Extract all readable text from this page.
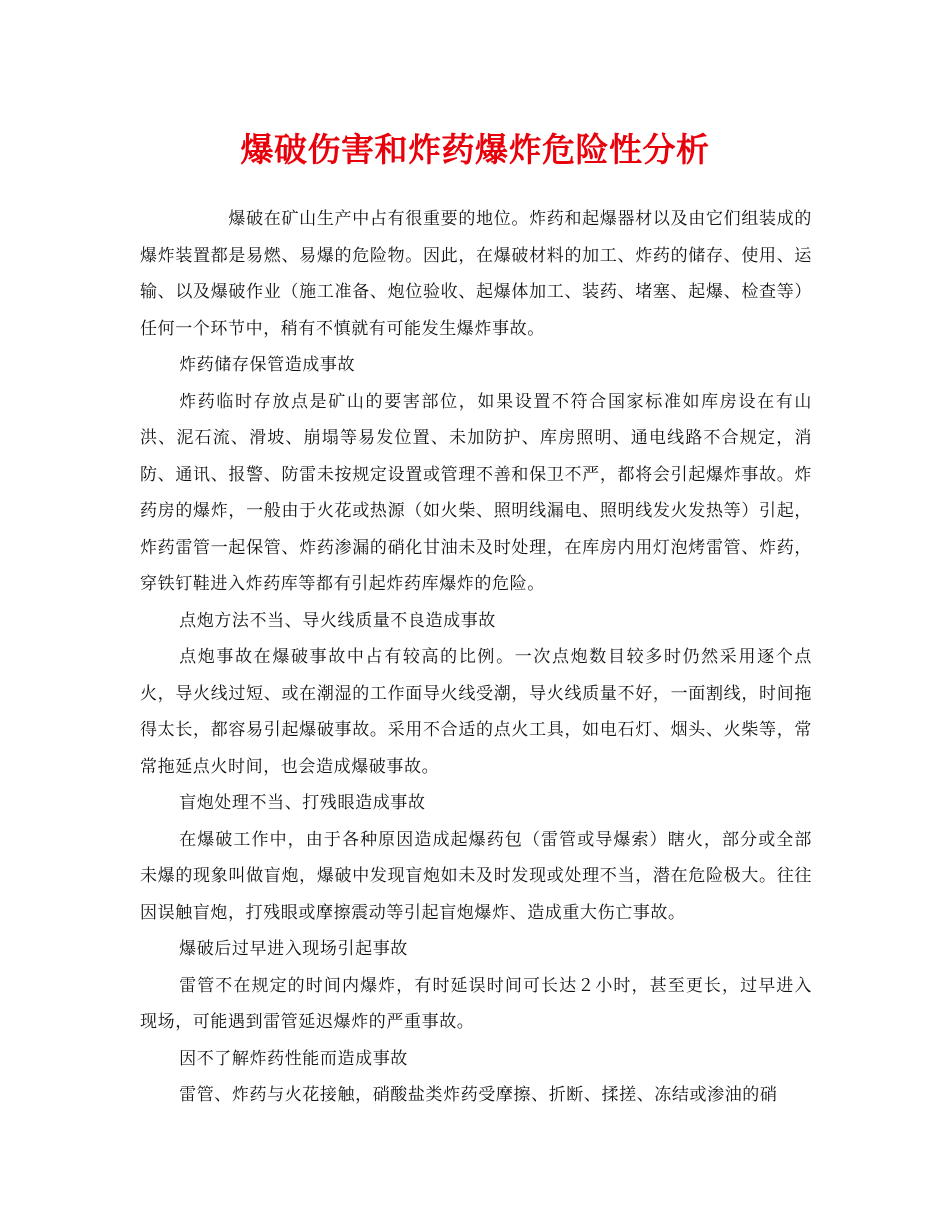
爆破伤害和炸药爆炸危险性分析

爆破在矿山生产中占有很重要的地位。炸药和起爆器材以及由它们组装成的爆炸装置都是易燃、易爆的危险物。因此，在爆破材料的加工、炸药的储存、使用、运输、以及爆破作业（施工准备、炮位验收、起爆体加工、装药、堵塞、起爆、检查等）任何一个环节中，稍有不慎就有可能发生爆炸事故。

炸药储存保管造成事故

炸药临时存放点是矿山的要害部位，如果设置不符合国家标准如库房设在有山洪、泥石流、滑坡、崩塌等易发位置、未加防护、库房照明、通电线路不合规定，消防、通讯、报警、防雷未按规定设置或管理不善和保卫不严，都将会引起爆炸事故。炸药房的爆炸，一般由于火花或热源（如火柴、照明线漏电、照明线发火发热等）引起，炸药雷管一起保管、炸药渗漏的硝化甘油未及时处理，在库房内用灯泡烤雷管、炸药，穿铁钉鞋进入炸药库等都有引起炸药库爆炸的危险。

点炮方法不当、导火线质量不良造成事故

点炮事故在爆破事故中占有较高的比例。一次点炮数目较多时仍然采用逐个点火，导火线过短、或在潮湿的工作面导火线受潮，导火线质量不好，一面割线，时间拖得太长，都容易引起爆破事故。采用不合适的点火工具，如电石灯、烟头、火柴等，常常拖延点火时间，也会造成爆破事故。

盲炮处理不当、打残眼造成事故

在爆破工作中，由于各种原因造成起爆药包（雷管或导爆索）瞎火，部分或全部未爆的现象叫做盲炮，爆破中发现盲炮如未及时发现或处理不当，潜在危险极大。往往因误触盲炮，打残眼或摩擦震动等引起盲炮爆炸、造成重大伤亡事故。

爆破后过早进入现场引起事故

雷管不在规定的时间内爆炸，有时延误时间可长达２小时，甚至更长，过早进入现场，可能遇到雷管延迟爆炸的严重事故。

因不了解炸药性能而造成事故

雷管、炸药与火花接触，硝酸盐类炸药受摩擦、折断、揉搓、冻结或渗油的硝
